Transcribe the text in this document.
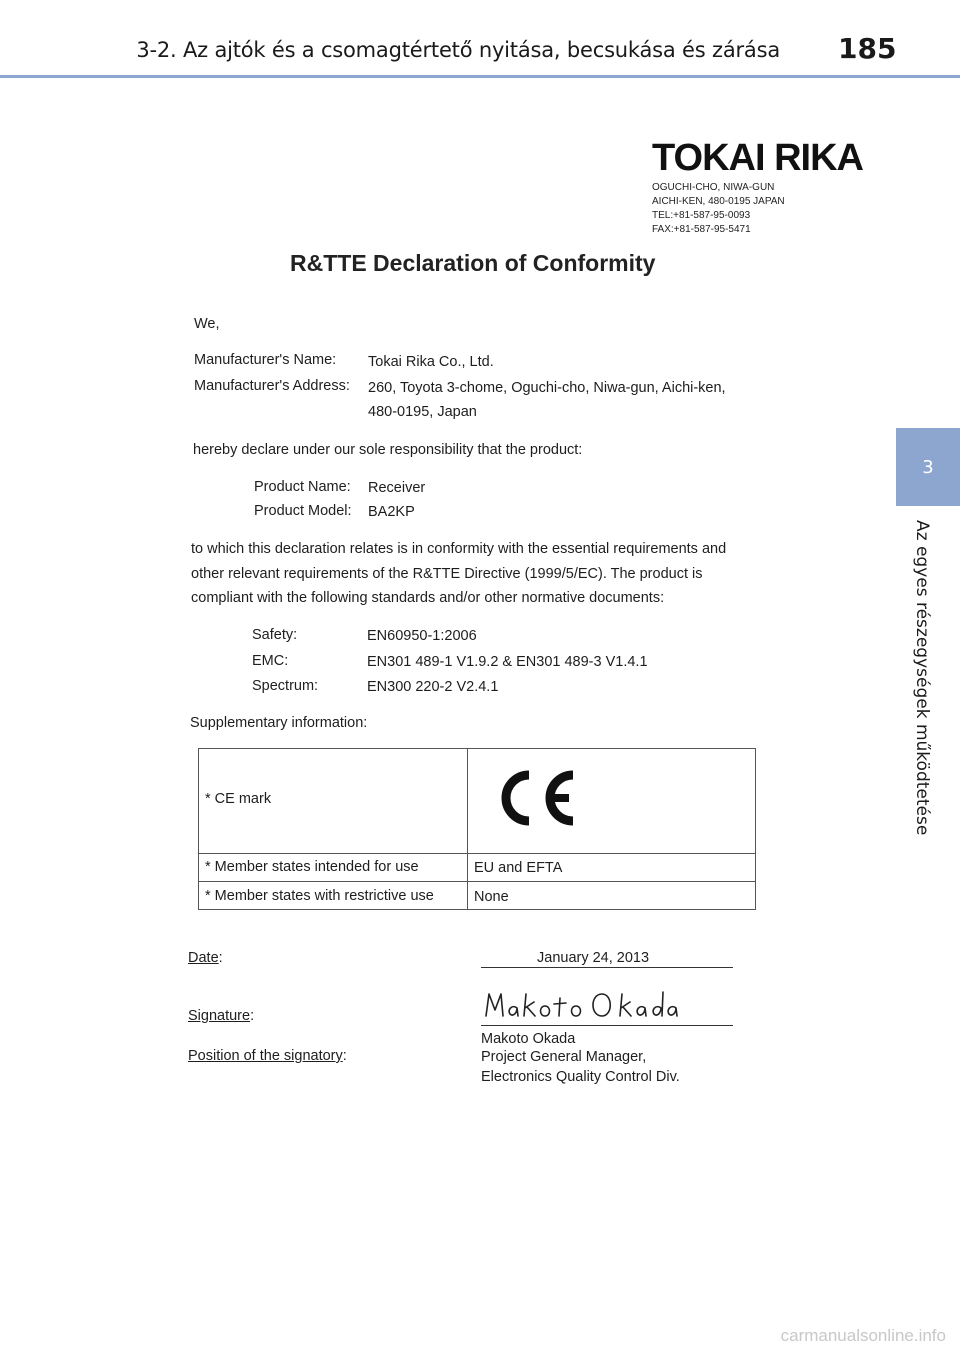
3-2. Az ajtók és a csomagtértető nyitása, becsukása és zárása 185
3
Az egyes részegységek működtetése
TOKAI RIKA
OGUCHI-CHO, NIWA-GUN
AICHI-KEN, 480-0195 JAPAN
TEL:+81-587-95-0093
FAX:+81-587-95-5471
R&TTE Declaration of Conformity
We,
Manufacturer's Name: Tokai Rika Co., Ltd.
Manufacturer's Address: 260, Toyota 3-chome, Oguchi-cho, Niwa-gun, Aichi-ken,
480-0195, Japan
hereby declare under our sole responsibility that the product:
Product Name: Receiver
Product Model: BA2KP
to which this declaration relates is in conformity with the essential requirements and
other relevant requirements of the R&TTE Directive (1999/5/EC). The product is
compliant with the following standards and/or other normative documents:
Safety:	EN60950-1:2006
EMC:	EN301 489-1 V1.9.2 & EN301 489-3 V1.4.1
Spectrum:	EN300 220-2 V2.4.1
Supplementary information:
* CE mark
* Member states intended for use	EU and EFTA
* Member states with restrictive use	None
Date:	January 24, 2013
Signature:
Makoto Okada
Position of the signatory:	Project General Manager,
Electronics Quality Control Div.
carmanualsonline.info
